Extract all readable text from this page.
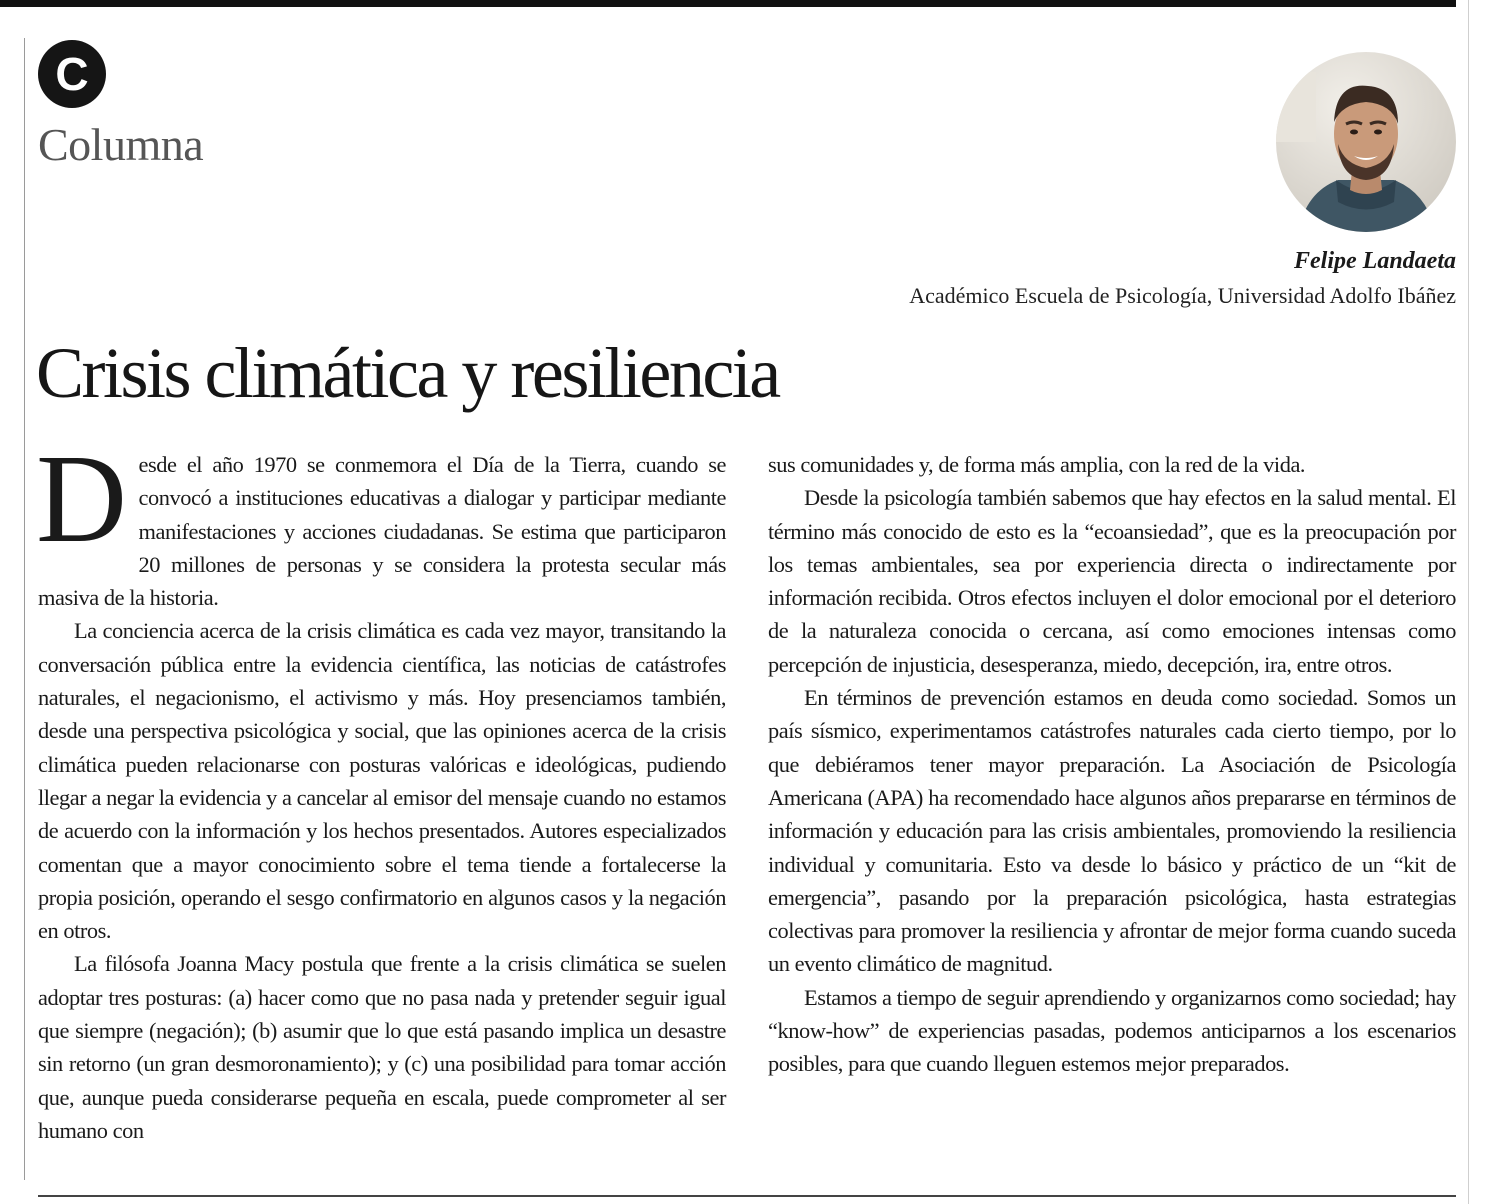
C
Columna
Felipe Landaeta
Académico Escuela de Psicología, Universidad Adolfo Ibáñez
Crisis climática y resiliencia

Desde el año 1970 se conmemora el Día de la Tierra, cuando se convocó a instituciones educativas a dialogar y participar mediante manifestaciones y acciones ciudadanas. Se estima que participaron 20 millones de personas y se considera la protesta secular más masiva de la historia.

La conciencia acerca de la crisis climática es cada vez mayor, transitando la conversación pública entre la evidencia científica, las noticias de catástrofes naturales, el negacionismo, el activismo y más. Hoy presenciamos también, desde una perspectiva psicológica y social, que las opiniones acerca de la crisis climática pueden relacionarse con posturas valóricas e ideológicas, pudiendo llegar a negar la evidencia y a cancelar al emisor del mensaje cuando no estamos de acuerdo con la información y los hechos presentados. Autores especializados comentan que a mayor conocimiento sobre el tema tiende a fortalecerse la propia posición, operando el sesgo confirmatorio en algunos casos y la negación en otros.

La filósofa Joanna Macy postula que frente a la crisis climática se suelen adoptar tres posturas: (a) hacer como que no pasa nada y pretender seguir igual que siempre (negación); (b) asumir que lo que está pasando implica un desastre sin retorno (un gran desmoronamiento); y (c) una posibilidad para tomar acción que, aunque pueda considerarse pequeña en escala, puede comprometer al ser humano con

sus comunidades y, de forma más amplia, con la red de la vida.

Desde la psicología también sabemos que hay efectos en la salud mental. El término más conocido de esto es la “ecoansiedad”, que es la preocupación por los temas ambientales, sea por experiencia directa o indirectamente por información recibida. Otros efectos incluyen el dolor emocional por el deterioro de la naturaleza conocida o cercana, así como emociones intensas como percepción de injusticia, desesperanza, miedo, decepción, ira, entre otros.

En términos de prevención estamos en deuda como sociedad. Somos un país sísmico, experimentamos catástrofes naturales cada cierto tiempo, por lo que debiéramos tener mayor preparación. La Asociación de Psicología Americana (APA) ha recomendado hace algunos años prepararse en términos de información y educación para las crisis ambientales, promoviendo la resiliencia individual y comunitaria. Esto va desde lo básico y práctico de un “kit de emergencia”, pasando por la preparación psicológica, hasta estrategias colectivas para promover la resiliencia y afrontar de mejor forma cuando suceda un evento climático de magnitud.

Estamos a tiempo de seguir aprendiendo y organizarnos como sociedad; hay “know-how” de experiencias pasadas, podemos anticiparnos a los escenarios posibles, para que cuando lleguen estemos mejor preparados.
